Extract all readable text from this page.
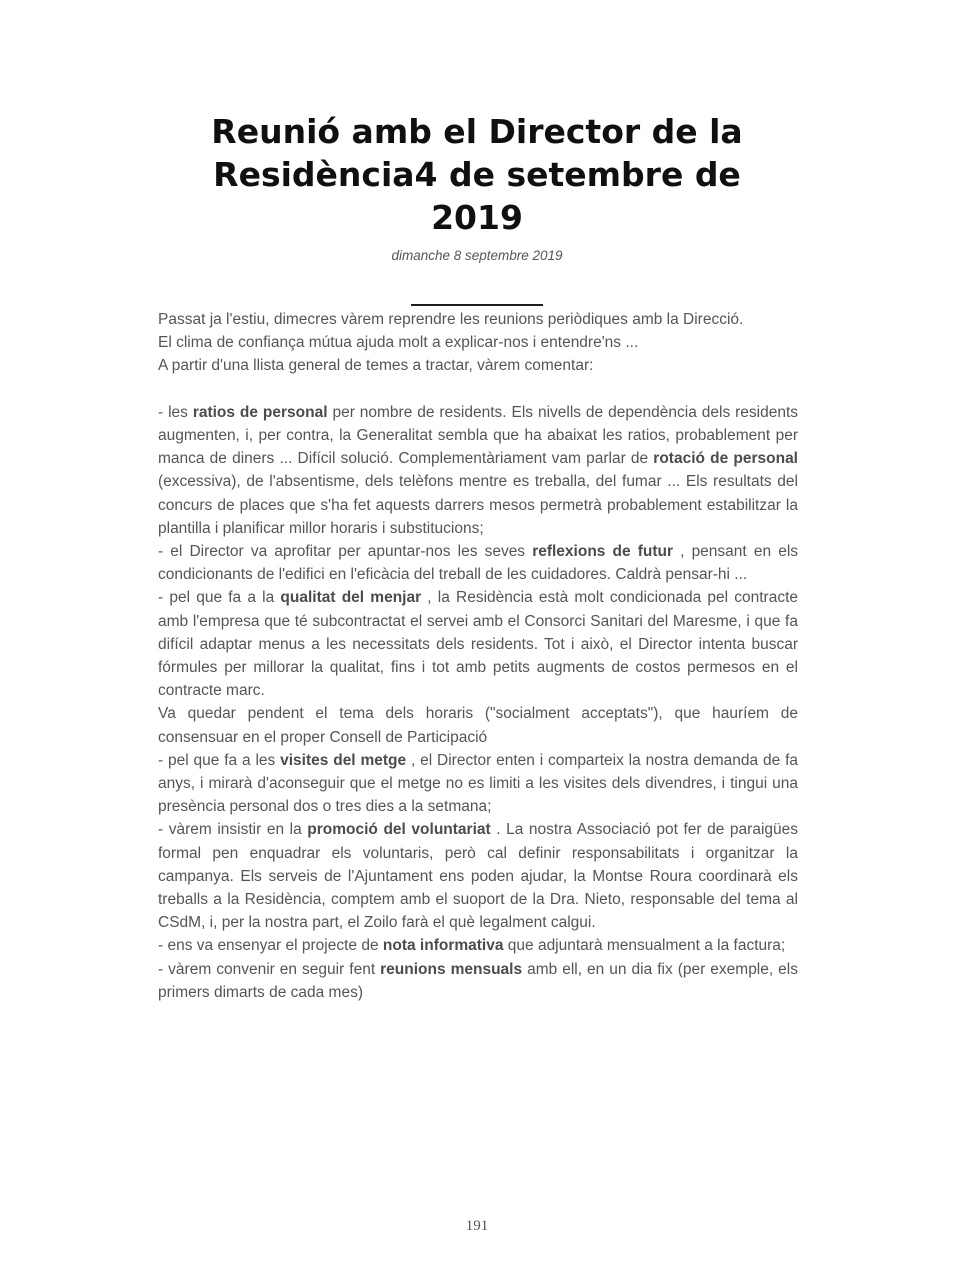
Reunió amb el Director de la
Residència4 de setembre de
2019
dimanche 8 septembre 2019

Passat ja l'estiu, dimecres vàrem reprendre les reunions periòdiques amb la Direcció.

El clima de confiança mútua ajuda molt a explicar-nos i entendre'ns ...

A partir d'una llista general de temes a tractar, vàrem comentar:

- les ratios de personal per nombre de residents. Els nivells de dependència dels residents augmenten, i, per contra, la Generalitat sembla que ha abaixat les ratios, probablement per manca de diners ... Difícil solució. Complementàriament vam parlar de rotació de personal (excessiva), de l'absentisme, dels telèfons mentre es treballa, del fumar ... Els resultats del concurs de places que s'ha fet aquests darrers mesos permetrà probablement estabilitzar la plantilla i planificar millor horaris i substitucions;

- el Director va aprofitar per apuntar-nos les seves reflexions de futur , pensant en els condicionants de l'edifici en l'eficàcia del treball de les cuidadores. Caldrà pensar-hi ...

- pel que fa a la qualitat del menjar , la Residència està molt condicionada pel contracte amb l'empresa que té subcontractat el servei amb el Consorci Sanitari del Maresme, i que fa difícil adaptar menus a les necessitats dels residents. Tot i això, el Director intenta buscar fórmules per millorar la qualitat, fins i tot amb petits augments de costos permesos en el contracte marc.

Va quedar pendent el tema dels horaris ("socialment acceptats"), que hauríem de consensuar en el proper Consell de Participació

- pel que fa a les visites del metge , el Director enten i comparteix la nostra demanda de fa anys, i mirarà d'aconseguir que el metge no es limiti a les visites dels divendres, i tingui una presència personal dos o tres dies a la setmana;

- vàrem insistir en la promoció del voluntariat . La nostra Associació pot fer de paraigües formal pen enquadrar els voluntaris, però cal definir responsabilitats i organitzar la campanya. Els serveis de l'Ajuntament ens poden ajudar, la Montse Roura coordinarà els treballs a la Residència, comptem amb el suoport de la Dra. Nieto, responsable del tema al CSdM, i, per la nostra part, el Zoilo farà el què legalment calgui.

- ens va ensenyar el projecte de nota informativa que adjuntarà mensualment a la factura;

- vàrem convenir en seguir fent reunions mensuals amb ell, en un dia fix (per exemple, els primers dimarts de cada mes)

191
